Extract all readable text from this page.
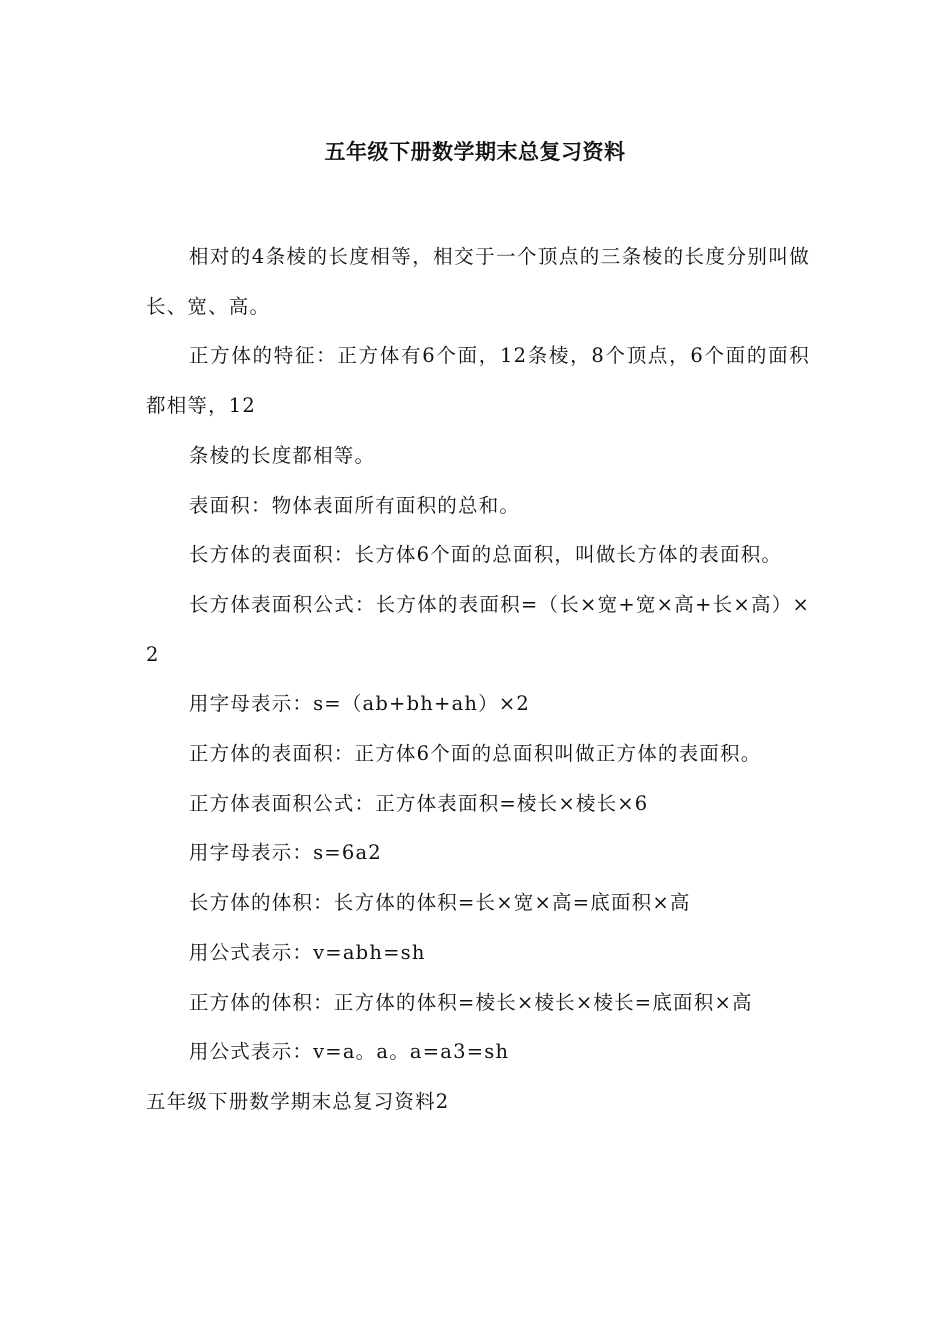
五年级下册数学期末总复习资料

相对的4条棱的长度相等，相交于一个顶点的三条棱的长度分别叫做长、宽、高。

正方体的特征：正方体有6个面，12条棱，8个顶点，6个面的面积都相等，12

条棱的长度都相等。

表面积：物体表面所有面积的总和。

长方体的表面积：长方体6个面的总面积，叫做长方体的表面积。

长方体表面积公式：长方体的表面积=（长×宽+宽×高+长×高）×2

用字母表示：s=（ab+bh+ah）×2

正方体的表面积：正方体6个面的总面积叫做正方体的表面积。

正方体表面积公式：正方体表面积=棱长×棱长×6

用字母表示：s=6a2

长方体的体积：长方体的体积=长×宽×高=底面积×高

用公式表示：v=abh=sh

正方体的体积：正方体的体积=棱长×棱长×棱长=底面积×高

用公式表示：v=a。a。a=a3=sh

五年级下册数学期末总复习资料2
